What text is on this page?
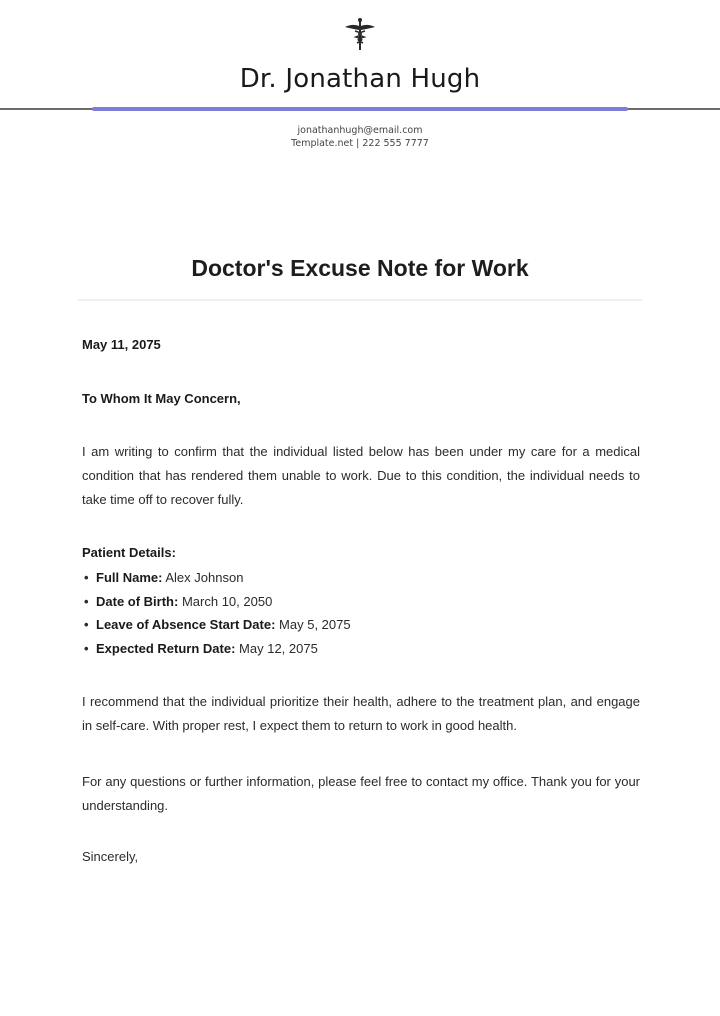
Dr. Jonathan Hugh
jonathanhugh@email.com
Template.net | 222 555 7777
Doctor's Excuse Note for Work

May 11, 2075

To Whom It May Concern,

I am writing to confirm that the individual listed below has been under my care for a medical condition that has rendered them unable to work. Due to this condition, the individual needs to take time off to recover fully.

Patient Details:

• Full Name: Alex Johnson
• Date of Birth: March 10, 2050
• Leave of Absence Start Date: May 5, 2075
• Expected Return Date: May 12, 2075

I recommend that the individual prioritize their health, adhere to the treatment plan, and engage in self-care. With proper rest, I expect them to return to work in good health.

For any questions or further information, please feel free to contact my office. Thank you for your understanding.

Sincerely,
